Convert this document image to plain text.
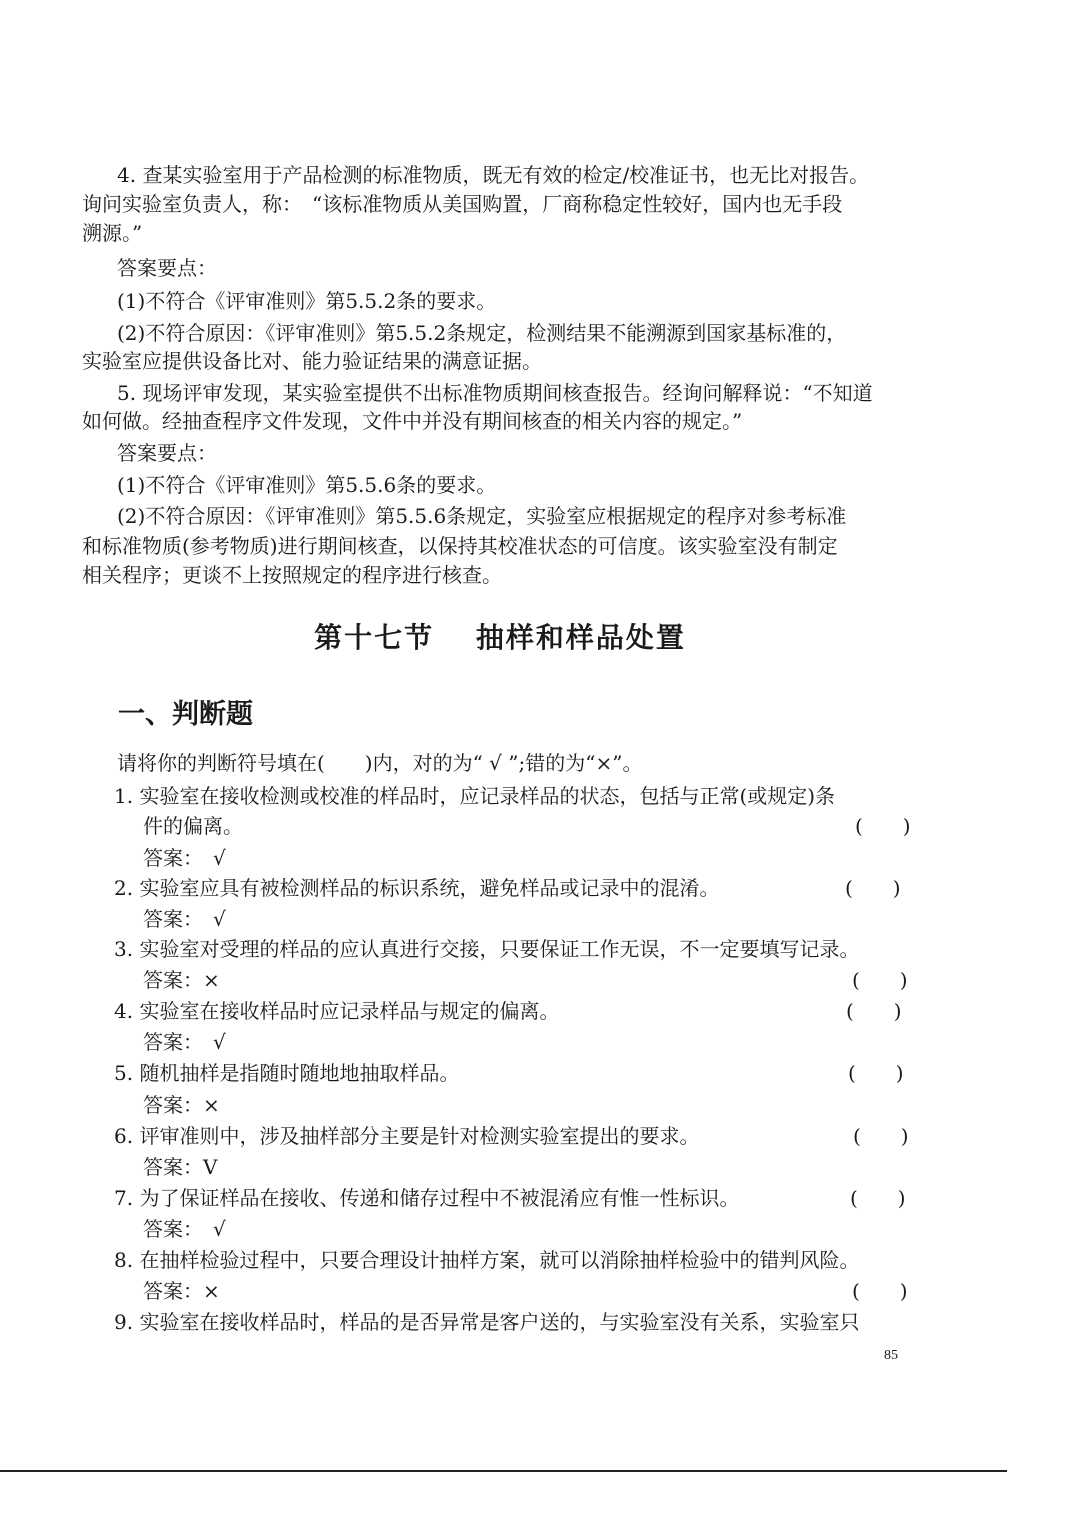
4. 查某实验室用于产品检测的标准物质，既无有效的检定/校准证书，也无比对报告。

询问实验室负责人，称：　“该标准物质从美国购置，厂商称稳定性较好，国内也无手段

溯源。”

答案要点：

(1)不符合《评审准则》第5.5.2条的要求。

(2)不符合原因：《评审准则》第5.5.2条规定，检测结果不能溯源到国家基标准的，

实验室应提供设备比对、能力验证结果的满意证据。

5. 现场评审发现，某实验室提供不出标准物质期间核查报告。经询问解释说：“不知道

如何做。经抽查程序文件发现，文件中并没有期间核查的相关内容的规定。”

答案要点：

(1)不符合《评审准则》第5.5.6条的要求。

(2)不符合原因：《评审准则》第5.5.6条规定，实验室应根据规定的程序对参考标准

和标准物质(参考物质)进行期间核查，以保持其校准状态的可信度。该实验室没有制定

相关程序；更谈不上按照规定的程序进行核查。

第十七节　 抽样和样品处置
一、判断题

请将你的判断符号填在(　　)内，对的为“ √ ”;错的为“×”。

1. 实验室在接收检测或校准的样品时，应记录样品的状态，包括与正常(或规定)条

件的偏离。	(　　)

答案：　√

2. 实验室应具有被检测样品的标识系统，避免样品或记录中的混淆。	(　　)

答案：　√

3. 实验室对受理的样品的应认真进行交接，只要保证工作无误，不一定要填写记录。

答案：×	(　　)

4. 实验室在接收样品时应记录样品与规定的偏离。	(　　)

答案：　√

5. 随机抽样是指随时随地地抽取样品。	(　　)

答案：×

6. 评审准则中，涉及抽样部分主要是针对检测实验室提出的要求。	(　　)

答案：V

7. 为了保证样品在接收、传递和储存过程中不被混淆应有惟一性标识。	(　　)

答案：　√

8. 在抽样检验过程中，只要合理设计抽样方案，就可以消除抽样检验中的错判风险。

答案：×	(　　)

9. 实验室在接收样品时，样品的是否异常是客户送的，与实验室没有关系，实验室只

85
